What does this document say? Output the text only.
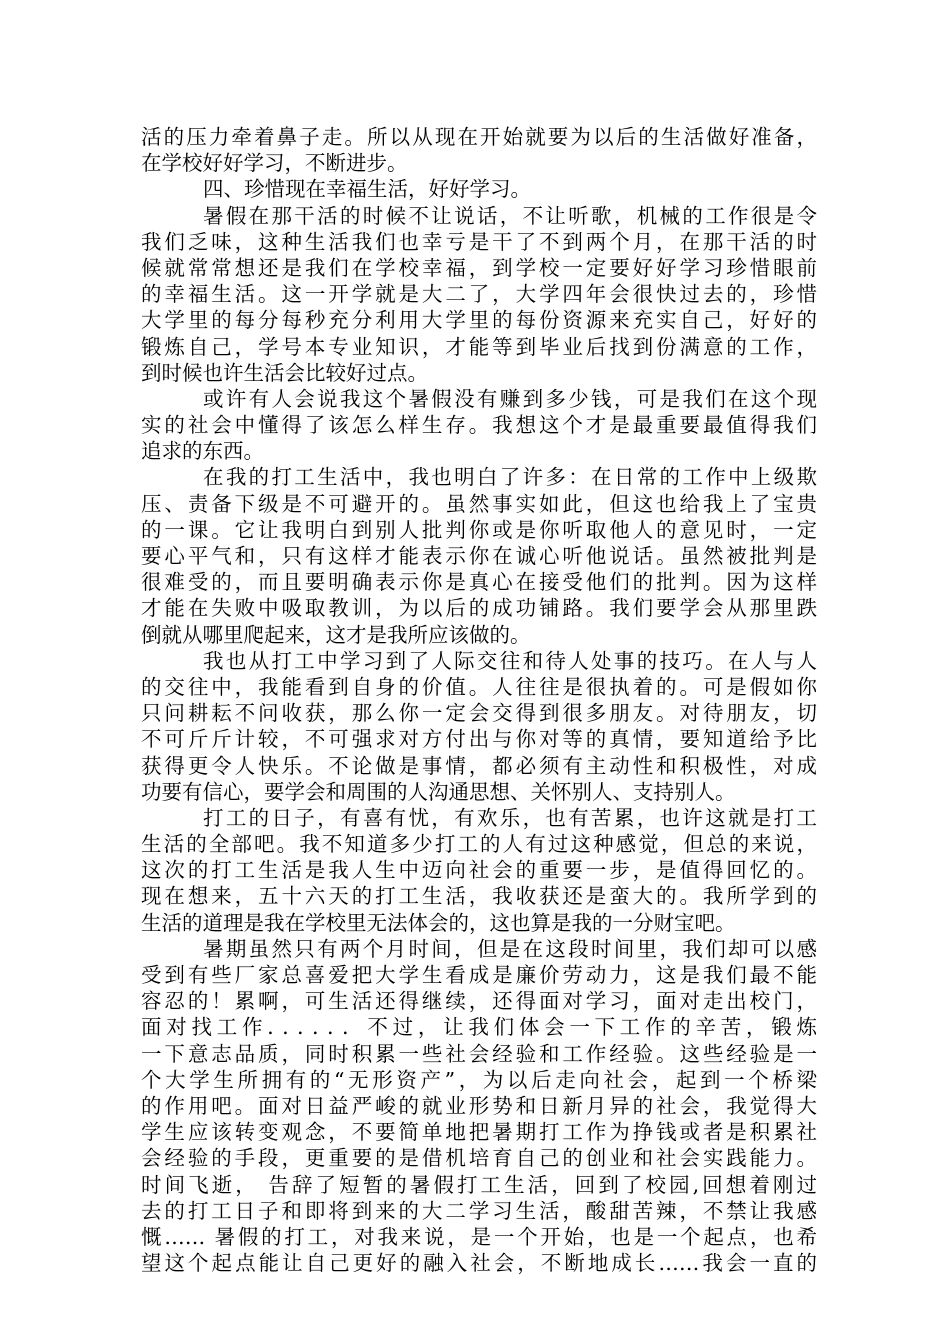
活的压力牵着鼻子走。所以从现在开始就要为以后的生活做好准备，
在学校好好学习，不断进步。
四、珍惜现在幸福生活，好好学习。
暑假在那干活的时候不让说话，不让听歌，机械的工作很是令
我们乏味，这种生活我们也幸亏是干了不到两个月，在那干活的时
候就常常想还是我们在学校幸福，到学校一定要好好学习珍惜眼前
的幸福生活。这一开学就是大二了，大学四年会很快过去的，珍惜
大学里的每分每秒充分利用大学里的每份资源来充实自己，好好的
锻炼自己，学号本专业知识，才能等到毕业后找到份满意的工作，
到时候也许生活会比较好过点。
或许有人会说我这个暑假没有赚到多少钱，可是我们在这个现
实的社会中懂得了该怎么样生存。我想这个才是最重要最值得我们
追求的东西。
在我的打工生活中，我也明白了许多：在日常的工作中上级欺
压、责备下级是不可避开的。虽然事实如此，但这也给我上了宝贵
的一课。它让我明白到别人批判你或是你听取他人的意见时，一定
要心平气和，只有这样才能表示你在诚心听他说话。虽然被批判是
很难受的，而且要明确表示你是真心在接受他们的批判。因为这样
才能在失败中吸取教训，为以后的成功铺路。我们要学会从那里跌
倒就从哪里爬起来，这才是我所应该做的。
我也从打工中学习到了人际交往和待人处事的技巧。在人与人
的交往中，我能看到自身的价值。人往往是很执着的。可是假如你
只问耕耘不问收获，那么你一定会交得到很多朋友。对待朋友，切
不可斤斤计较，不可强求对方付出与你对等的真情，要知道给予比
获得更令人快乐。不论做是事情，都必须有主动性和积极性，对成
功要有信心，要学会和周围的人沟通思想、关怀别人、支持别人。
打工的日子，有喜有忧，有欢乐，也有苦累，也许这就是打工
生活的全部吧。我不知道多少打工的人有过这种感觉，但总的来说，
这次的打工生活是我人生中迈向社会的重要一步，是值得回忆的。
现在想来，五十六天的打工生活，我收获还是蛮大的。我所学到的
生活的道理是我在学校里无法体会的，这也算是我的一分财宝吧。
暑期虽然只有两个月时间，但是在这段时间里，我们却可以感
受到有些厂家总喜爱把大学生看成是廉价劳动力，这是我们最不能
容忍的！累啊，可生活还得继续，还得面对学习，面对走出校门，
面对找工作．．．．．．不过，让我们体会一下工作的辛苦，锻炼
一下意志品质，同时积累一些社会经验和工作经验。这些经验是一
个大学生所拥有的“无形资产”，为以后走向社会，起到一个桥梁
的作用吧。面对日益严峻的就业形势和日新月异的社会，我觉得大
学生应该转变观念，不要简单地把暑期打工作为挣钱或者是积累社
会经验的手段，更重要的是借机培育自己的创业和社会实践能力。
时间飞逝， 告辞了短暂的暑假打工生活，回到了校园,回想着刚过
去的打工日子和即将到来的大二学习生活，酸甜苦辣，不禁让我感
慨…… 暑假的打工，对我来说，是一个开始，也是一个起点，也希
望这个起点能让自己更好的融入社会，不断地成长……我会一直的
